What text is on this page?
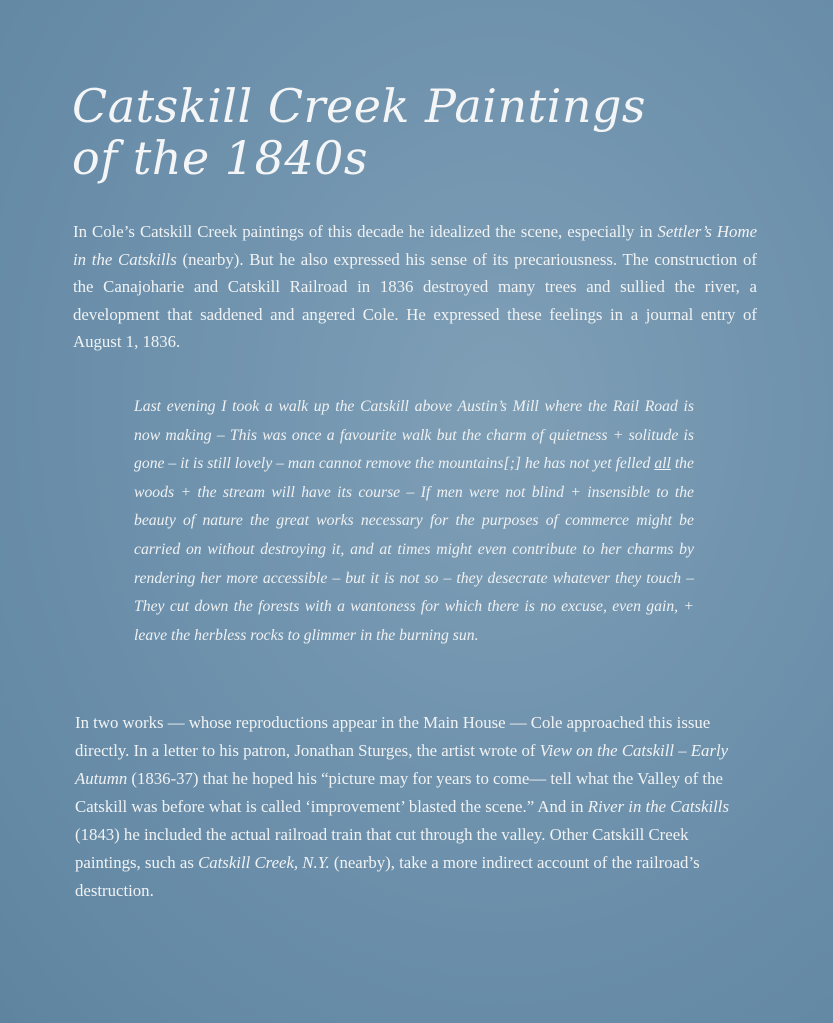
Catskill Creek Paintings
of the 1840s

In Cole’s Catskill Creek paintings of this decade he idealized the scene, especially in Settler’s Home in the Catskills (nearby). But he also expressed his sense of its precariousness. The construction of the Canajoharie and Catskill Railroad in 1836 destroyed many trees and sullied the river, a development that saddened and angered Cole. He expressed these feelings in a journal entry of August 1, 1836.

Last evening I took a walk up the Catskill above Austin’s Mill where the Rail Road is now making – This was once a favourite walk but the charm of quietness + solitude is gone – it is still lovely – man cannot remove the mountains[;] he has not yet felled all the woods + the stream will have its course – If men were not blind + insensible to the beauty of nature the great works necessary for the purposes of commerce might be carried on without destroying it, and at times might even contribute to her charms by rendering her more accessible – but it is not so – they desecrate whatever they touch – They cut down the forests with a wantoness for which there is no excuse, even gain, + leave the herbless rocks to glimmer in the burning sun.

In two works — whose reproductions appear in the Main House — Cole approached this issue directly. In a letter to his patron, Jonathan Sturges, the artist wrote of View on the Catskill – Early Autumn (1836-37) that he hoped his “picture may for years to come— tell what the Valley of the Catskill was before what is called ‘improvement’ blasted the scene.” And in River in the Catskills (1843) he included the actual railroad train that cut through the valley. Other Catskill Creek paintings, such as Catskill Creek, N.Y. (nearby), take a more indirect account of the railroad’s destruction.
